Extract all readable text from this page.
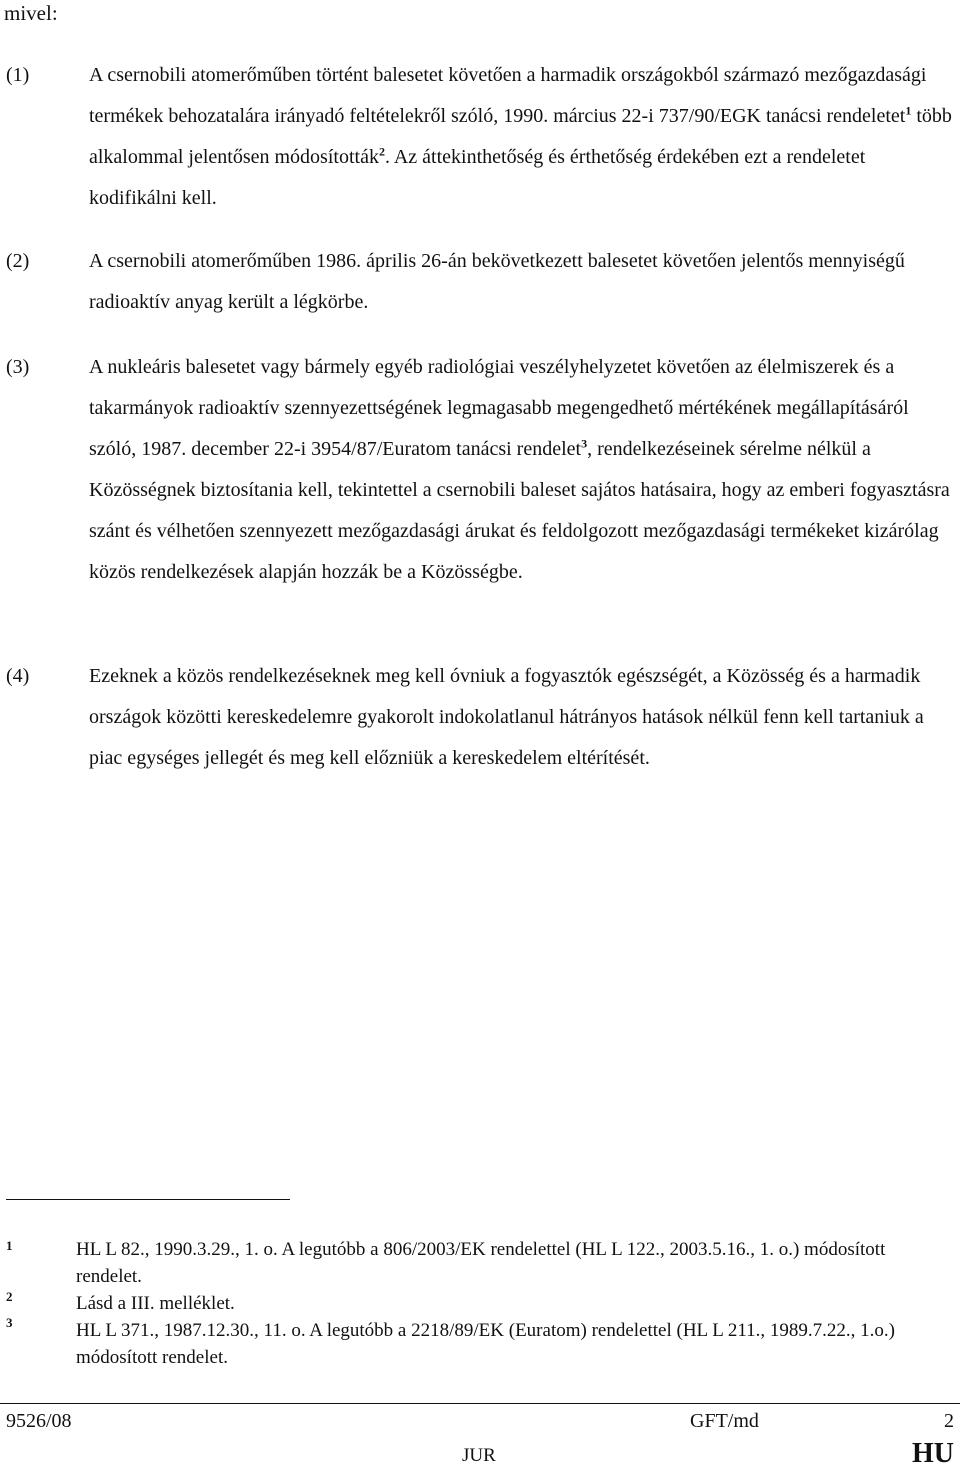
mivel:
(1)	A csernobili atomerőműben történt balesetet követően a harmadik országokból származó mezőgazdasági termékek behozatalára irányadó feltételekről szóló, 1990. március 22-i 737/90/EGK tanácsi rendeletet$^1$ több alkalommal jelentősen módosították$^2$. Az áttekinthetőség és érthetőség érdekében ezt a rendeletet kodifikálni kell.
(2)	A csernobili atomerőműben 1986. április 26-án bekövetkezett balesetet követően jelentős mennyiségű radioaktív anyag került a légkörbe.
(3)	A nukleáris balesetet vagy bármely egyéb radiológiai veszélyhelyzetet követően az élelmiszerek és a takarmányok radioaktív szennyezettségének legmagasabb megengedhető mértékének megállapításáról szóló, 1987. december 22-i 3954/87/Euratom tanácsi rendelet$^3$, rendelkezéseinek sérelme nélkül a Közösségnek biztosítania kell, tekintettel a csernobili baleset sajátos hatásaira, hogy az emberi fogyasztásra szánt és vélhetően szennyezett mezőgazdasági árukat és feldolgozott mezőgazdasági termékeket kizárólag közös rendelkezések alapján hozzák be a Közösségbe.
(4)	Ezeknek a közös rendelkezéseknek meg kell óvniuk a fogyasztók egészségét, a Közösség és a harmadik országok közötti kereskedelemre gyakorolt indokolatlanul hátrányos hatások nélkül fenn kell tartaniuk a piac egységes jellegét és meg kell előzniük a kereskedelem eltérítését.
1	HL L 82., 1990.3.29., 1. o. A legutóbb a 806/2003/EK rendelettel (HL L 122., 2003.5.16., 1. o.) módosított rendelet.
2	Lásd a III. melléklet.
3	HL L 371., 1987.12.30., 11. o. A legutóbb a 2218/89/EK (Euratom) rendelettel (HL L 211., 1989.7.22., 1.o.) módosított rendelet.
9526/08	GFT/md	2
JUR	HU
